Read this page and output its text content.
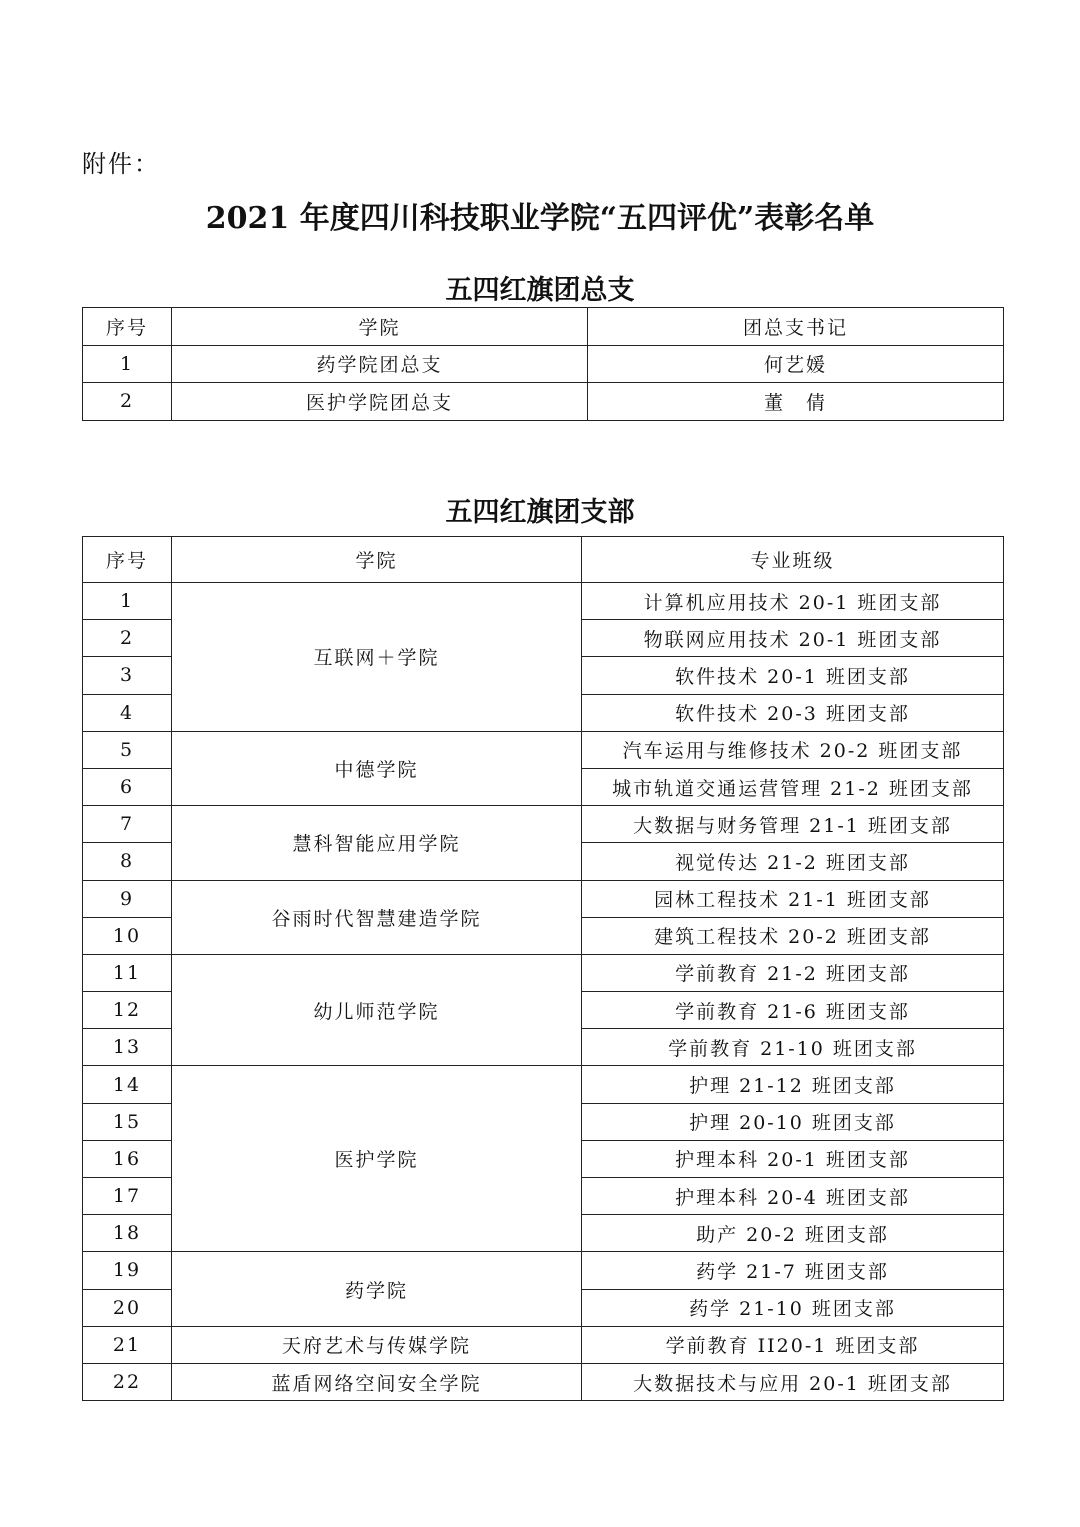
附件：
2021 年度四川科技职业学院“五四评优”表彰名单
五四红旗团总支
序号	学院	团总支书记
1	药学院团总支	何艺媛
2	医护学院团总支	董　倩
五四红旗团支部
序号	学院	专业班级
1	互联网＋学院	计算机应用技术 20-1 班团支部
2		物联网应用技术 20-1 班团支部
3		软件技术 20-1 班团支部
4		软件技术 20-3 班团支部
5	中德学院	汽车运用与维修技术 20-2 班团支部
6		城市轨道交通运营管理 21-2 班团支部
7	慧科智能应用学院	大数据与财务管理 21-1 班团支部
8		视觉传达 21-2 班团支部
9	谷雨时代智慧建造学院	园林工程技术 21-1 班团支部
10		建筑工程技术 20-2 班团支部
11	幼儿师范学院	学前教育 21-2 班团支部
12		学前教育 21-6 班团支部
13		学前教育 21-10 班团支部
14	医护学院	护理 21-12 班团支部
15		护理 20-10 班团支部
16		护理本科 20-1 班团支部
17		护理本科 20-4 班团支部
18		助产 20-2 班团支部
19	药学院	药学 21-7 班团支部
20		药学 21-10 班团支部
21	天府艺术与传媒学院	学前教育 II20-1 班团支部
22	蓝盾网络空间安全学院	大数据技术与应用 20-1 班团支部
